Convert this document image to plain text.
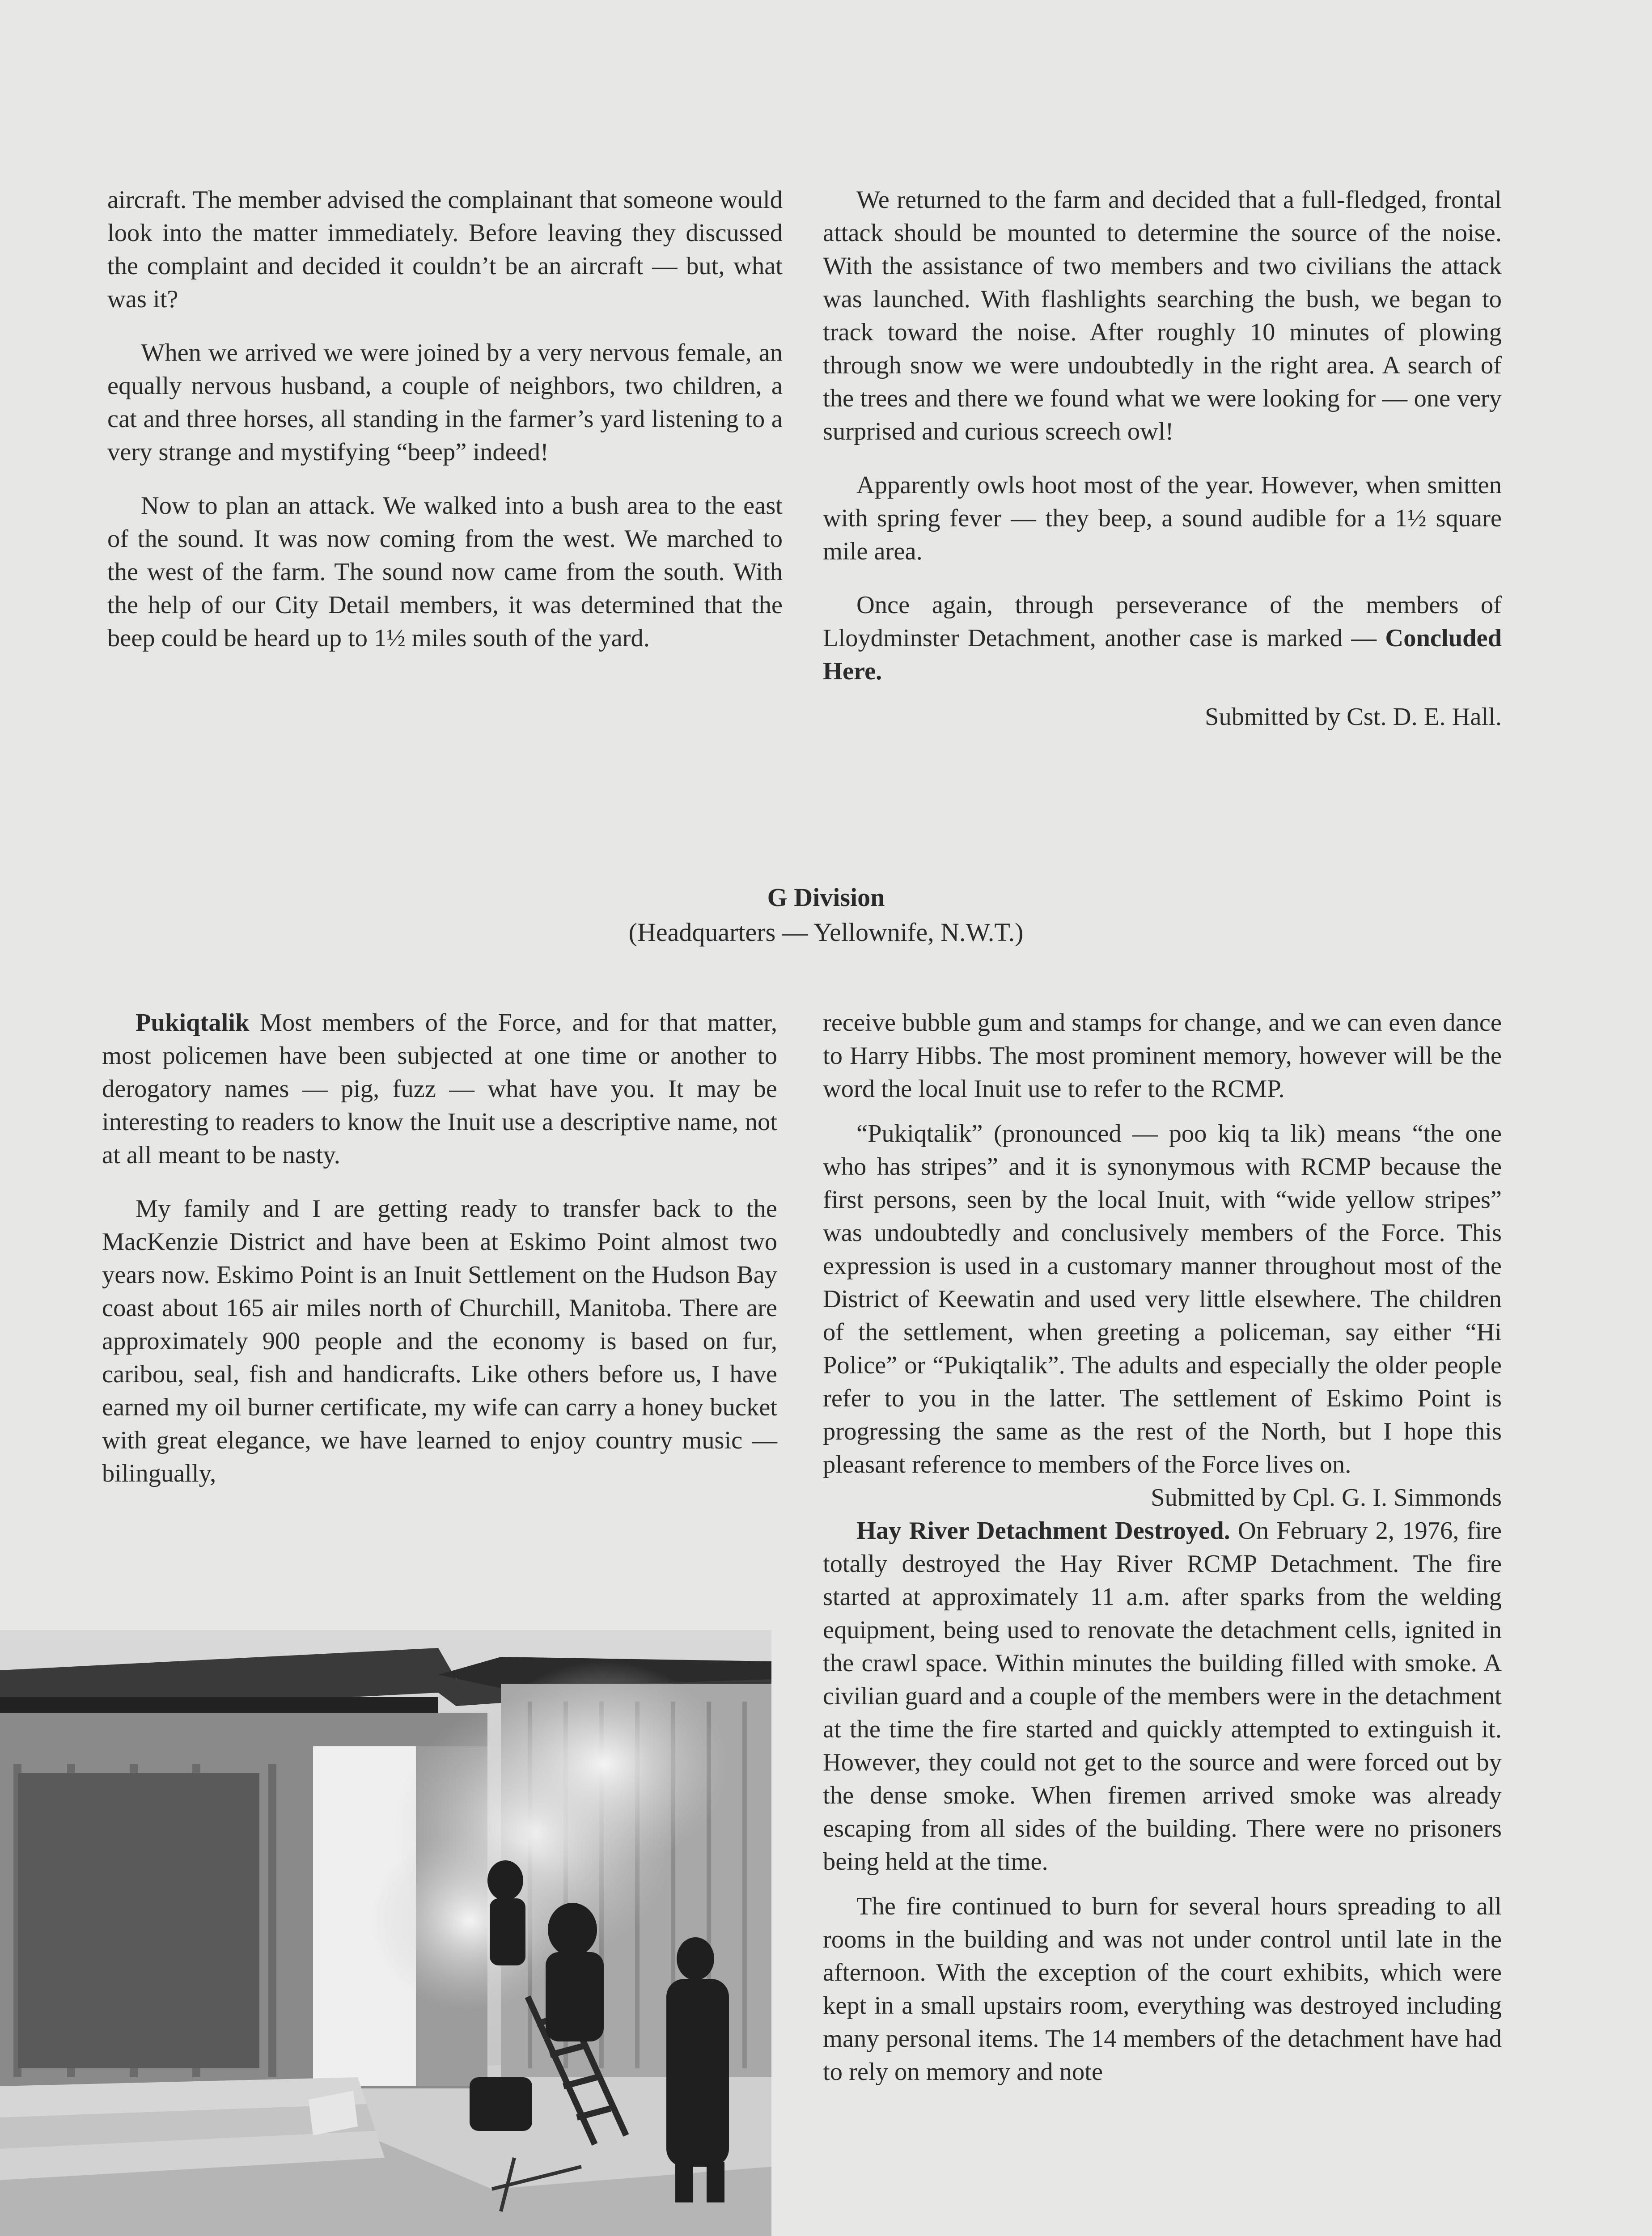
aircraft. The member advised the complainant that someone would look into the matter immediately. Before leaving they discussed the complaint and decided it couldn’t be an aircraft — but, what was it?

When we arrived we were joined by a very nervous female, an equally nervous husband, a couple of neighbors, two children, a cat and three horses, all standing in the farmer’s yard listening to a very strange and mystifying “beep” indeed!

Now to plan an attack. We walked into a bush area to the east of the sound. It was now coming from the west. We marched to the west of the farm. The sound now came from the south. With the help of our City Detail members, it was determined that the beep could be heard up to 1½ miles south of the yard.

We returned to the farm and decided that a full-fledged, frontal attack should be mounted to determine the source of the noise. With the assistance of two members and two civilians the attack was launched. With flashlights searching the bush, we began to track toward the noise. After roughly 10 minutes of plowing through snow we were undoubtedly in the right area. A search of the trees and there we found what we were looking for — one very surprised and curious screech owl!

Apparently owls hoot most of the year. However, when smitten with spring fever — they beep, a sound audible for a 1½ square mile area.

Once again, through perseverance of the members of Lloydminster Detachment, another case is marked — Concluded Here.

Submitted by Cst. D. E. Hall.

G Division
(Headquarters — Yellownife, N.W.T.)

Pukiqtalik Most members of the Force, and for that matter, most policemen have been subjected at one time or another to derogatory names — pig, fuzz — what have you. It may be interesting to readers to know the Inuit use a descriptive name, not at all meant to be nasty.

My family and I are getting ready to transfer back to the MacKenzie District and have been at Eskimo Point almost two years now. Eskimo Point is an Inuit Settlement on the Hudson Bay coast about 165 air miles north of Churchill, Manitoba. There are approximately 900 people and the economy is based on fur, caribou, seal, fish and handicrafts. Like others before us, I have earned my oil burner certificate, my wife can carry a honey bucket with great elegance, we have learned to enjoy country music — bilingually,

receive bubble gum and stamps for change, and we can even dance to Harry Hibbs. The most prominent memory, however will be the word the local Inuit use to refer to the RCMP.

“Pukiqtalik” (pronounced — poo kiq ta lik) means “the one who has stripes” and it is synonymous with RCMP because the first persons, seen by the local Inuit, with “wide yellow stripes” was undoubtedly and conclusively members of the Force. This expression is used in a customary manner throughout most of the District of Keewatin and used very little elsewhere. The children of the settlement, when greeting a policeman, say either “Hi Police” or “Pukiqtalik”. The adults and especially the older people refer to you in the latter. The settlement of Eskimo Point is progressing the same as the rest of the North, but I hope this pleasant reference to members of the Force lives on.

Submitted by Cpl. G. I. Simmonds

Hay River Detachment Destroyed. On February 2, 1976, fire totally destroyed the Hay River RCMP Detachment. The fire started at approximately 11 a.m. after sparks from the welding equipment, being used to renovate the detachment cells, ignited in the crawl space. Within minutes the building filled with smoke. A civilian guard and a couple of the members were in the detachment at the time the fire started and quickly attempted to extinguish it. However, they could not get to the source and were forced out by the dense smoke. When firemen arrived smoke was already escaping from all sides of the building. There were no prisoners being held at the time.

The fire continued to burn for several hours spreading to all rooms in the building and was not under control until late in the afternoon. With the exception of the court exhibits, which were kept in a small upstairs room, everything was destroyed including many personal items. The 14 members of the detachment have had to rely on memory and note
